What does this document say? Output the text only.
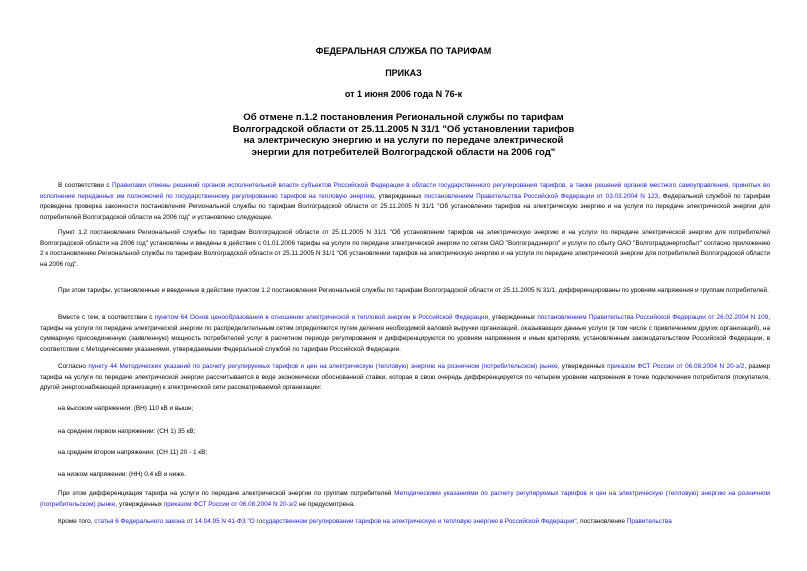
ФЕДЕРАЛЬНАЯ СЛУЖБА ПО ТАРИФАМ

ПРИКАЗ

от 1 июня 2006 года N 76-к

Об отмене п.1.2 постановления Региональной службы по тарифам
Волгоградской области от 25.11.2005 N 31/1 "Об установлении тарифов
на электрическую энергию и на услуги по передаче электрической
энергии для потребителей Волгоградской области на 2006 год"

В соответствии с Правилами отмены решений органов исполнительной власти субъектов Российской Федерации в области государственного регулирования тарифов, а также решений органов местного самоуправления, принятых во исполнение переданных им полномочий по государственному регулированию тарифов на тепловую энергию, утвержденных постановлением Правительства Российской Федерации от 03.03.2004 N 123, Федеральной службой по тарифам проведена проверка законности постановления Региональной службы по тарифам Волгоградской области от 25.11.2005 N 31/1 "Об установлении тарифов на электрическую энергию и на услуги по передаче электрической энергии для потребителей Волгоградской области на 2006 год" и установлено следующее.

Пункт 1.2 постановления Региональной службы по тарифам Волгоградской области от 25.11.2005 N 31/1 "Об установлении тарифов на электрическую энергию и на услуги по передаче электрической энергии для потребителей Волгоградской области на 2006 год" установлены и введены в действие с 01.01.2006 тарифы на услуги по передаче электрической энергии по сетям ОАО "Волгоградэнерго" и услуги по сбыту ОАО "Волгоградэнергосбыт" согласно приложению 2 к постановлению Региональной службы по тарифам Волгоградской области от 25.11.2005 N 31/1 "Об установлении тарифов на электрическую энергию и на услуги по передаче электрической энергии для потребителей Волгоградской области на 2006 год".

При этом тарифы, установленные и введенные в действие пунктом 1.2 постановления Региональной службы по тарифам Волгоградской области от 25.11.2005 N 31/1, дифференцированы по уровням напряжения и группам потребителей.

Вместе с тем, в соответствии с пунктом 64 Основ ценообразования в отношении электрической и тепловой энергии в Российской Федерации, утвержденных постановлением Правительства Российской Федерации от 26.02.2004 N 109, тарифы на услуги по передаче электрической энергии по распределительным сетям определяются путем деления необходимой валовой выручки организаций, оказывающих данные услуги (в том числе с привлечением других организаций), на суммарную присоединенную (заявленную) мощность потребителей услуг в расчетном периоде регулирования и дифференцируются по уровням напряжения и иным критериям, установленным законодательством Российской Федерации, в соответствии с Методическими указаниями, утверждаемыми Федеральной службой по тарифам Российской Федерации.

Согласно пункту 44 Методических указаний по расчету регулируемых тарифов и цен на электрическую (тепловую) энергию на розничном (потребительском) рынке, утвержденных приказом ФСТ России от 06.08.2004 N 20-э/2, размер тарифа на услуги по передаче электрической энергии рассчитывается в виде экономически обоснованной ставки, которая в свою очередь дифференцируется по четырем уровням напряжения в точке подключения потребителя (покупателя, другой энергоснабжающей организации) к электрической сети рассматриваемой организации:

на высоком напряжении: (ВН) 110 кВ и выше;

на среднем первом напряжении: (СН 1) 35 кВ;

на среднем втором напряжении: (СН 11) 20 - 1 кВ;

на низком напряжении: (НН) 0,4 кВ и ниже.

При этом дифференциация тарифа на услуги по передаче электрической энергии по группам потребителей Методическими указаниями по расчету регулируемых тарифов и цен на электрическую (тепловую) энергию на розничном (потребительском) рынке, утвержденных приказом ФСТ России от 06.08.2004 N 20-э/2 не предусмотрена.

Кроме того, статья 6 Федерального закона от 14.04.95 N 41-ФЗ "О государственном регулировании тарифов на электрическую и тепловую энергию в Российской Федерации", постановление Правительства
